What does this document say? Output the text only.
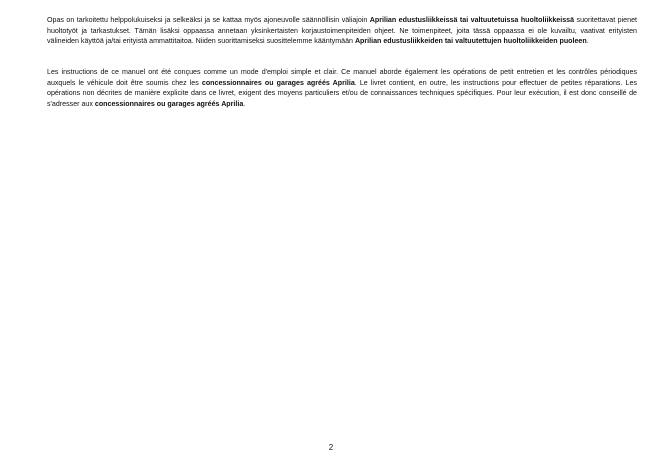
Opas on tarkoitettu helppolukuiseksi ja selkeäksi ja se kattaa myös ajoneuvolle säännöllisin väliajoin Aprilian edustusliikkeissä tai valtuutetuissa huoltoliikkeissä suoritettavat pienet huoltotyöt ja tarkastukset. Tämän lisäksi oppaassa annetaan yksinkertaisten korjaustoimenpiteiden ohjeet. Ne toimenpiteet, joita tässä oppaassa ei ole kuvailtu, vaativat erityisten välineiden käyttöä ja/tai erityistä ammattitaitoa. Niiden suorittamiseksi suosittelemme kääntymään Aprilian edustusliikkeiden tai valtuutettujen huoltoliikkeiden puoleen.

Les instructions de ce manuel ont été conçues comme un mode d'emploi simple et clair. Ce manuel aborde également les opérations de petit entretien et les contrôles périodiques auxquels le véhicule doit être soumis chez les concessionnaires ou garages agréés Aprilia. Le livret contient, en outre, les instructions pour effectuer de petites réparations. Les opérations non décrites de manière explicite dans ce livret, exigent des moyens particuliers et/ou de connaissances techniques spécifiques. Pour leur exécution, il est donc conseillé de s'adresser aux concessionnaires ou garages agréés Aprilia.

2
